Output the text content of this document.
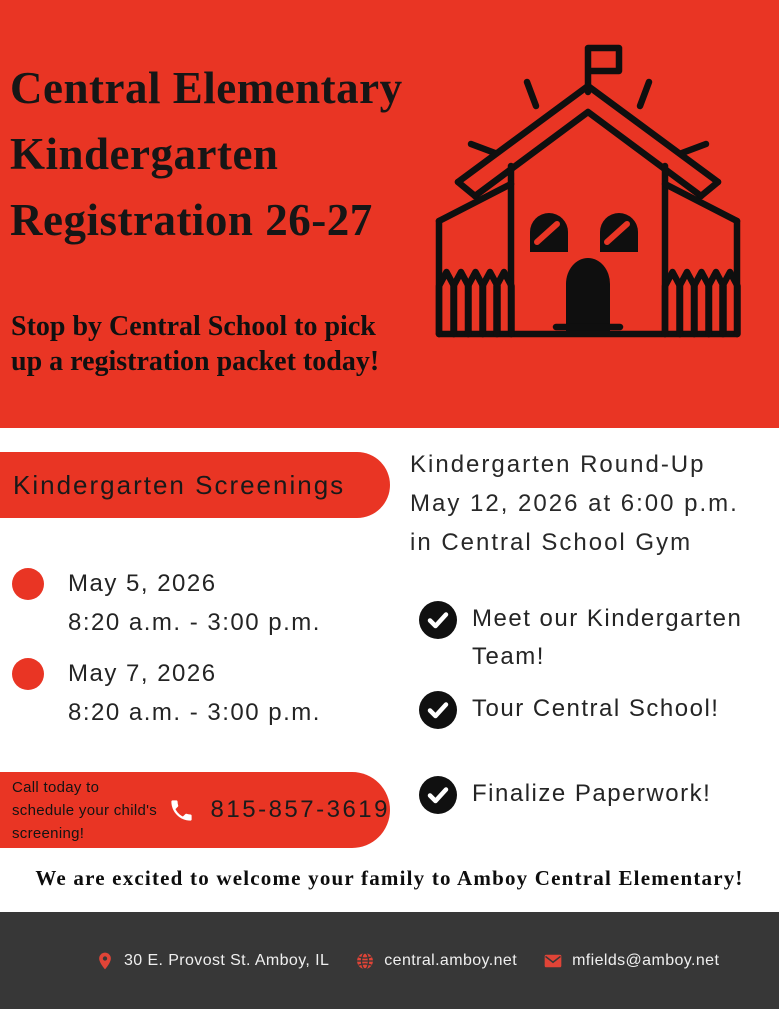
Central Elementary
Kindergarten
Registration 26-27

Stop by Central School to pick
up a registration packet today!

Kindergarten Screenings
Kindergarten Round-Up
May 12, 2026 at 6:00 p.m.
in Central School Gym
May 5, 2026
8:20 a.m. - 3:00 p.m.
May 7, 2026
8:20 a.m. - 3:00 p.m.
Meet our Kindergarten Team!
Tour Central School!
Finalize Paperwork!
Call today to schedule your child's screening!
815-857-3619

We are excited to welcome your family to Amboy Central Elementary!

30 E. Provost St. Amboy, IL	central.amboy.net	mfields@amboy.net
